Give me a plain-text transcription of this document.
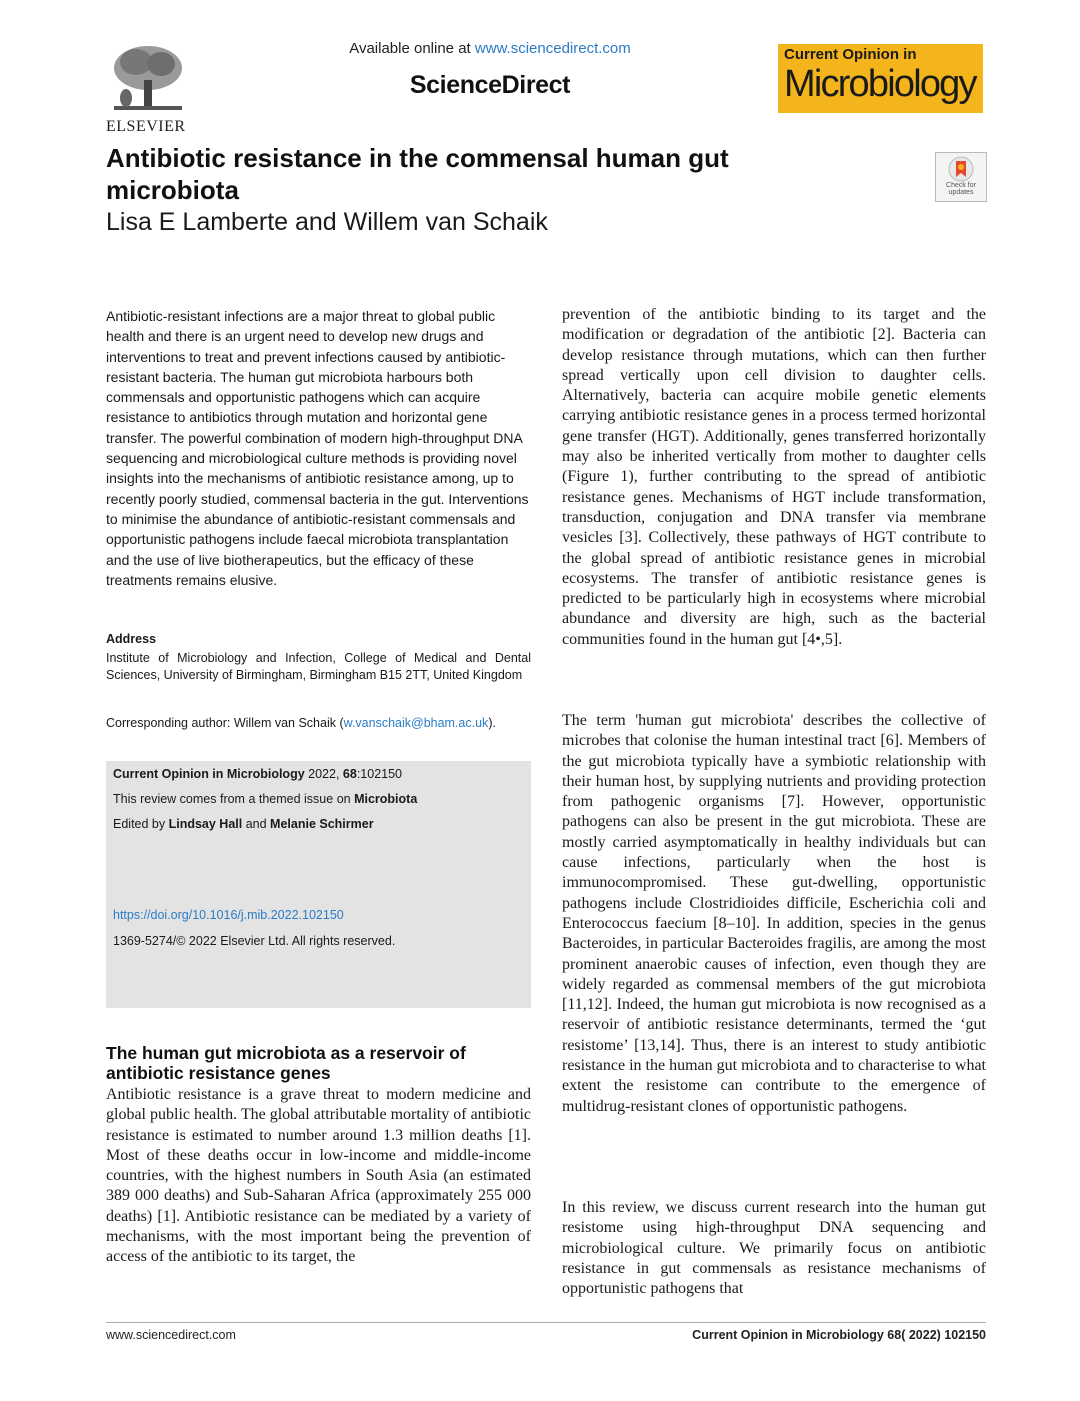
ELSEVIER
Available online at www.sciencedirect.com
ScienceDirect
Current Opinion in
Microbiology
Antibiotic resistance in the commensal human gut microbiota
Lisa E Lamberte and Willem van Schaik
Check for updates

Antibiotic-resistant infections are a major threat to global public health and there is an urgent need to develop new drugs and interventions to treat and prevent infections caused by antibiotic-resistant bacteria. The human gut microbiota harbours both commensals and opportunistic pathogens which can acquire resistance to antibiotics through mutation and horizontal gene transfer. The powerful combination of modern high-throughput DNA sequencing and microbiological culture methods is providing novel insights into the mechanisms of antibiotic resistance among, up to recently poorly studied, commensal bacteria in the gut. Interventions to minimise the abundance of antibiotic-resistant commensals and opportunistic pathogens include faecal microbiota transplantation and the use of live biotherapeutics, but the efficacy of these treatments remains elusive.

Address
Institute of Microbiology and Infection, College of Medical and Dental Sciences, University of Birmingham, Birmingham B15 2TT, United Kingdom
Corresponding author: Willem van Schaik (w.vanschaik@bham.ac.uk).
Current Opinion in Microbiology 2022, 68:102150
This review comes from a themed issue on Microbiota
Edited by Lindsay Hall and Melanie Schirmer
https://doi.org/10.1016/j.mib.2022.102150
1369-5274/© 2022 Elsevier Ltd. All rights reserved.
The human gut microbiota as a reservoir of antibiotic resistance genes

Antibiotic resistance is a grave threat to modern medicine and global public health. The global attributable mortality of antibiotic resistance is estimated to number around 1.3 million deaths [1]. Most of these deaths occur in low-income and middle-income countries, with the highest numbers in South Asia (an estimated 389 000 deaths) and Sub-Saharan Africa (approximately 255 000 deaths) [1]. Antibiotic resistance can be mediated by a variety of mechanisms, with the most important being the prevention of access of the antibiotic to its target, the

prevention of the antibiotic binding to its target and the modification or degradation of the antibiotic [2]. Bacteria can develop resistance through mutations, which can then further spread vertically upon cell division to daughter cells. Alternatively, bacteria can acquire mobile genetic elements carrying antibiotic resistance genes in a process termed horizontal gene transfer (HGT). Additionally, genes transferred horizontally may also be inherited vertically from mother to daughter cells (Figure 1), further contributing to the spread of antibiotic resistance genes. Mechanisms of HGT include transformation, transduction, conjugation and DNA transfer via membrane vesicles [3]. Collectively, these pathways of HGT contribute to the global spread of antibiotic resistance genes in microbial ecosystems. The transfer of antibiotic resistance genes is predicted to be particularly high in ecosystems where microbial abundance and diversity are high, such as the bacterial communities found in the human gut [4•,5].

The term 'human gut microbiota' describes the collective of microbes that colonise the human intestinal tract [6]. Members of the gut microbiota typically have a symbiotic relationship with their human host, by supplying nutrients and providing protection from pathogenic organisms [7]. However, opportunistic pathogens can also be present in the gut microbiota. These are mostly carried asymptomatically in healthy individuals but can cause infections, particularly when the host is immunocompromised. These gut-dwelling, opportunistic pathogens include Clostridioides difficile, Escherichia coli and Enterococcus faecium [8–10]. In addition, species in the genus Bacteroides, in particular Bacteroides fragilis, are among the most prominent anaerobic causes of infection, even though they are widely regarded as commensal members of the gut microbiota [11,12]. Indeed, the human gut microbiota is now recognised as a reservoir of antibiotic resistance determinants, termed the ‘gut resistome’ [13,14]. Thus, there is an interest to study antibiotic resistance in the human gut microbiota and to characterise to what extent the resistome can contribute to the emergence of multidrug-resistant clones of opportunistic pathogens.

In this review, we discuss current research into the human gut resistome using high-throughput DNA sequencing and microbiological culture. We primarily focus on antibiotic resistance in gut commensals as resistance mechanisms of opportunistic pathogens that

www.sciencedirect.com	Current Opinion in Microbiology 68( 2022) 102150
